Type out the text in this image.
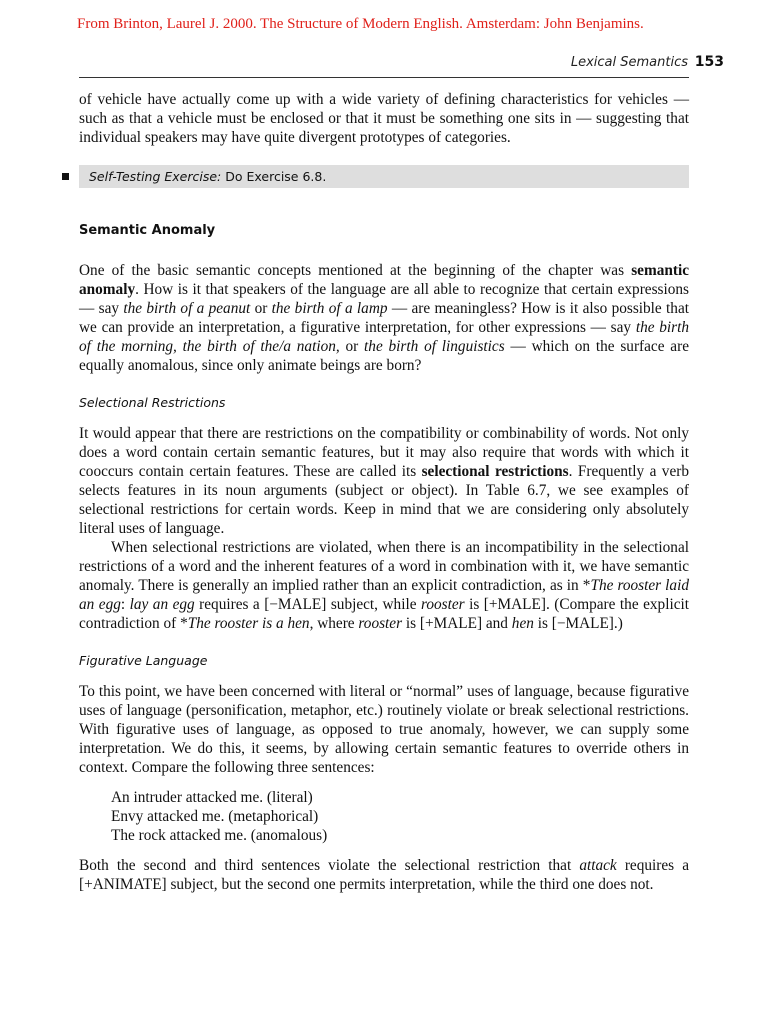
From Brinton, Laurel J. 2000. The Structure of Modern English. Amsterdam: John Benjamins.
Lexical Semantics 153

of vehicle have actually come up with a wide variety of defining characteristics for vehicles — such as that a vehicle must be enclosed or that it must be something one sits in — suggesting that individual speakers may have quite divergent prototypes of categories.

Self-Testing Exercise: Do Exercise 6.8.
Semantic Anomaly

One of the basic semantic concepts mentioned at the beginning of the chapter was semantic anomaly. How is it that speakers of the language are all able to recognize that certain expressions — say the birth of a peanut or the birth of a lamp — are meaningless? How is it also possible that we can provide an interpretation, a figurative interpretation, for other expressions — say the birth of the morning, the birth of the/a nation, or the birth of linguistics — which on the surface are equally anomalous, since only animate beings are born?

Selectional Restrictions

It would appear that there are restrictions on the compatibility or combinability of words. Not only does a word contain certain semantic features, but it may also require that words with which it cooccurs contain certain features. These are called its selectional restrictions. Frequently a verb selects features in its noun arguments (subject or object). In Table 6.7, we see examples of selectional restrictions for certain words. Keep in mind that we are considering only absolutely literal uses of language.

When selectional restrictions are violated, when there is an incompatibility in the selectional restrictions of a word and the inherent features of a word in combination with it, we have semantic anomaly. There is generally an implied rather than an explicit contradiction, as in *The rooster laid an egg: lay an egg requires a [−MALE] subject, while rooster is [+MALE]. (Compare the explicit contradiction of *The rooster is a hen, where rooster is [+MALE] and hen is [−MALE].)

Figurative Language

To this point, we have been concerned with literal or “normal” uses of language, because figurative uses of language (personification, metaphor, etc.) routinely violate or break selectional restrictions. With figurative uses of language, as opposed to true anomaly, however, we can supply some interpretation. We do this, it seems, by allowing certain semantic features to override others in context. Compare the following three sentences:

An intruder attacked me. (literal)
Envy attacked me. (metaphorical)
The rock attacked me. (anomalous)

Both the second and third sentences violate the selectional restriction that attack requires a [+ANIMATE] subject, but the second one permits interpretation, while the third one does not.
